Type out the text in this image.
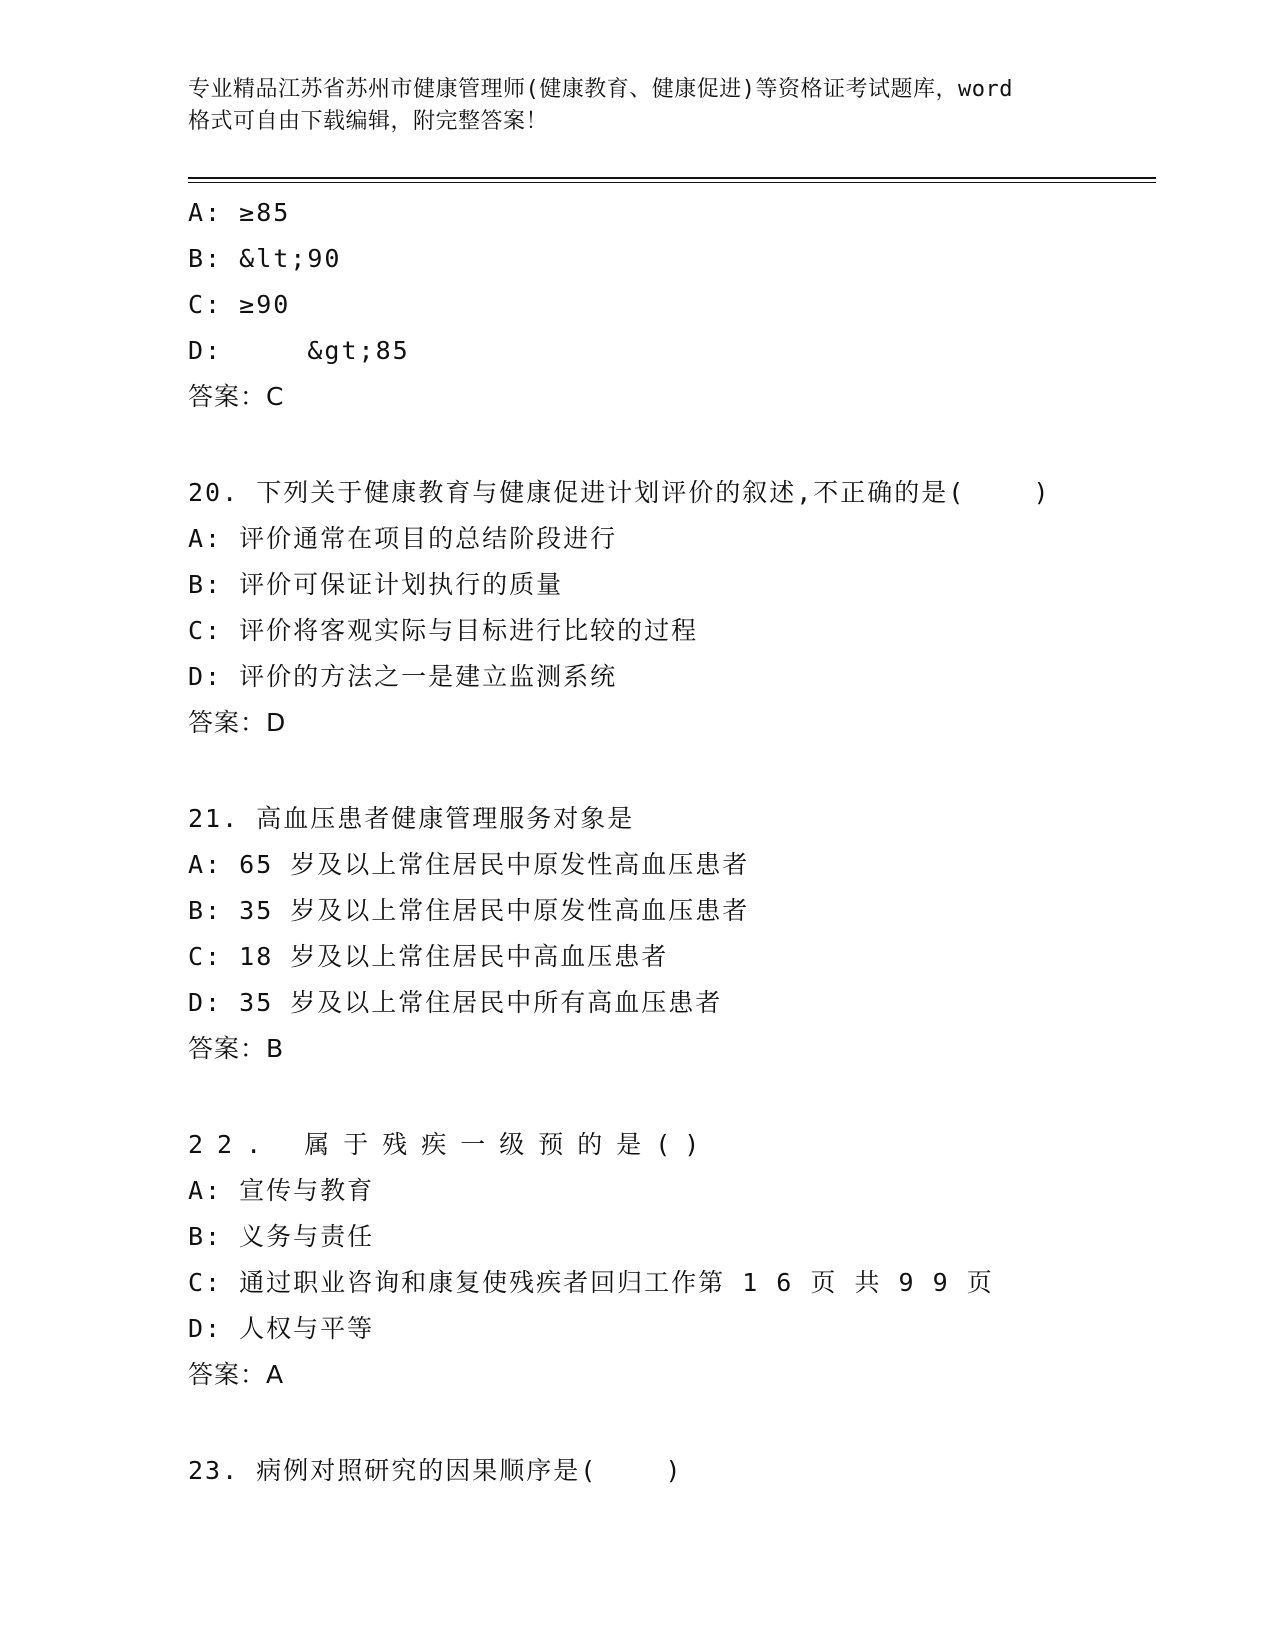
专业精品江苏省苏州市健康管理师(健康教育、健康促进)等资格证考试题库，word
格式可自由下载编辑，附完整答案！
A: ≥85
B: &lt;90
C: ≥90
D:     &gt;85
答案：C
20. 下列关于健康教育与健康促进计划评价的叙述,不正确的是(    )
A: 评价通常在项目的总结阶段进行
B: 评价可保证计划执行的质量
C: 评价将客观实际与目标进行比较的过程
D: 评价的方法之一是建立监测系统
答案：D
21. 高血压患者健康管理服务对象是
A: 65 岁及以上常住居民中原发性高血压患者
B: 35 岁及以上常住居民中原发性高血压患者
C: 18 岁及以上常住居民中高血压患者
D: 35 岁及以上常住居民中所有高血压患者
答案：B
22. 属于残疾一级预的是()
A: 宣传与教育
B: 义务与责任
C: 通过职业咨询和康复使残疾者回归工作第 1 6 页 共 9 9 页
D: 人权与平等
答案：A
23. 病例对照研究的因果顺序是(    )
